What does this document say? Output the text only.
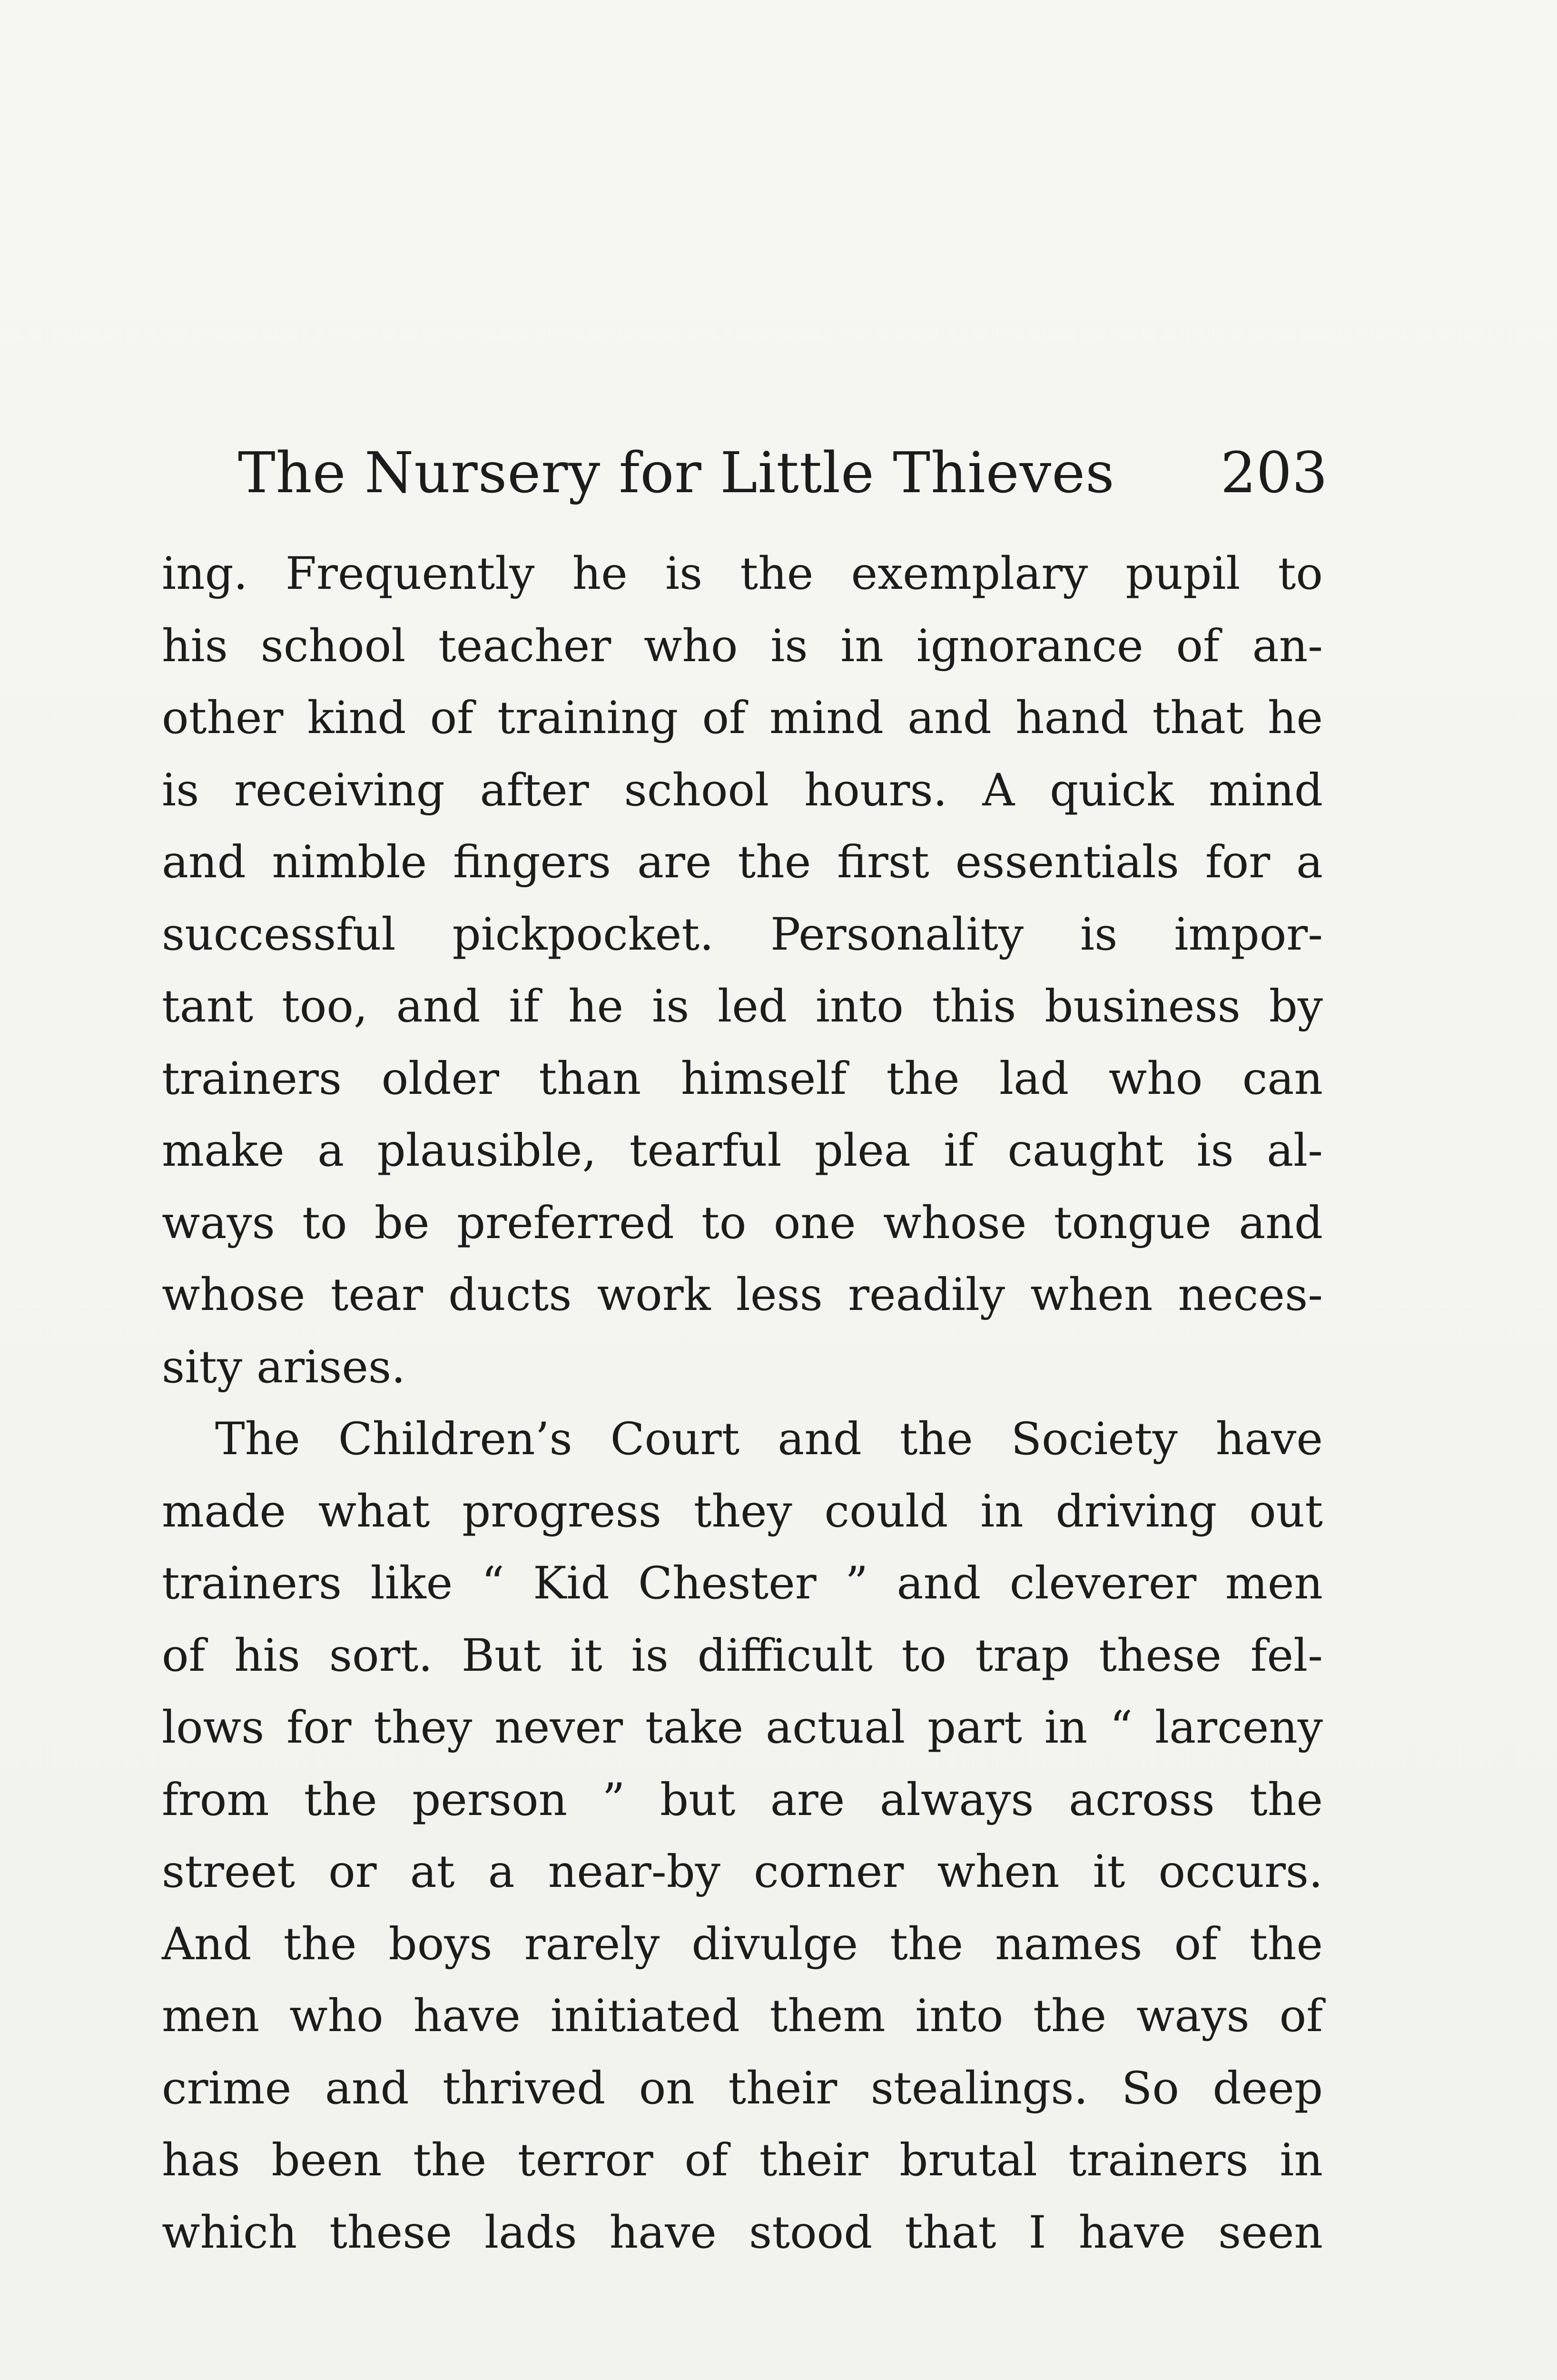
The Nursery for Little Thieves 203
ing. Frequently he is the exemplary pupil to
his school teacher who is in ignorance of an-
other kind of training of mind and hand that he
is receiving after school hours. A quick mind
and nimble fingers are the first essentials for a
successful pickpocket. Personality is impor-
tant too, and if he is led into this business by
trainers older than himself the lad who can
make a plausible, tearful plea if caught is al-
ways to be preferred to one whose tongue and
whose tear ducts work less readily when neces-
sity arises.
The Children’s Court and the Society have
made what progress they could in driving out
trainers like “ Kid Chester ” and cleverer men
of his sort. But it is difficult to trap these fel-
lows for they never take actual part in “ larceny
from the person ” but are always across the
street or at a near-by corner when it occurs.
And the boys rarely divulge the names of the
men who have initiated them into the ways of
crime and thrived on their stealings. So deep
has been the terror of their brutal trainers in
which these lads have stood that I have seen
